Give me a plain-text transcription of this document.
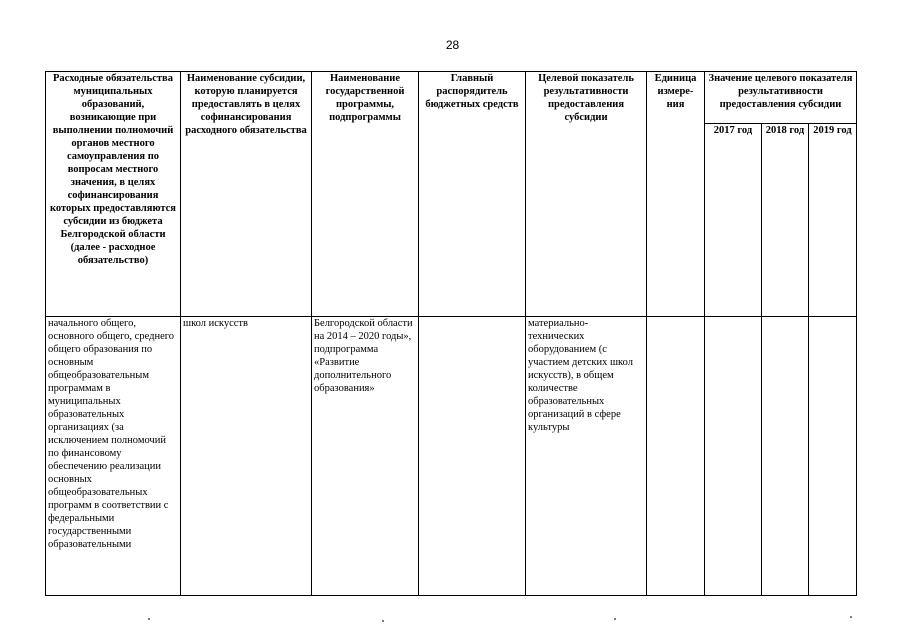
28
Расходные обязательства муниципальных образований, возникающие при выполнении полномочий органов местного самоуправления по вопросам местного значения, в целях софинансирования которых предоставляются субсидии из бюджета Белгородской области (далее - расходное обязательство)	Наименование субсидии, которую планируется предоставлять в целях софинансирования расходного обязательства	Наименование государственной программы, подпрограммы	Главный распорядитель бюджетных средств	Целевой показатель результативности предоставления субсидии	Единица измере-ния	Значение целевого показателя результативности предоставления субсидии		
						2017 год	2018 год	2019 год
начального общего, основного общего, среднего общего образования по основным общеобразовательным программам в муниципальных образовательных организациях (за исключением полномочий по финансовому обеспечению реализации основных общеобразовательных программ в соответствии с федеральными государственными образовательными	школ искусств	Белгородской области на 2014 – 2020 годы», подпрограмма «Развитие дополнительного образования»		материально-технических оборудованием (с участием детских школ искусств), в общем количестве образовательных организаций в сфере культуры				
